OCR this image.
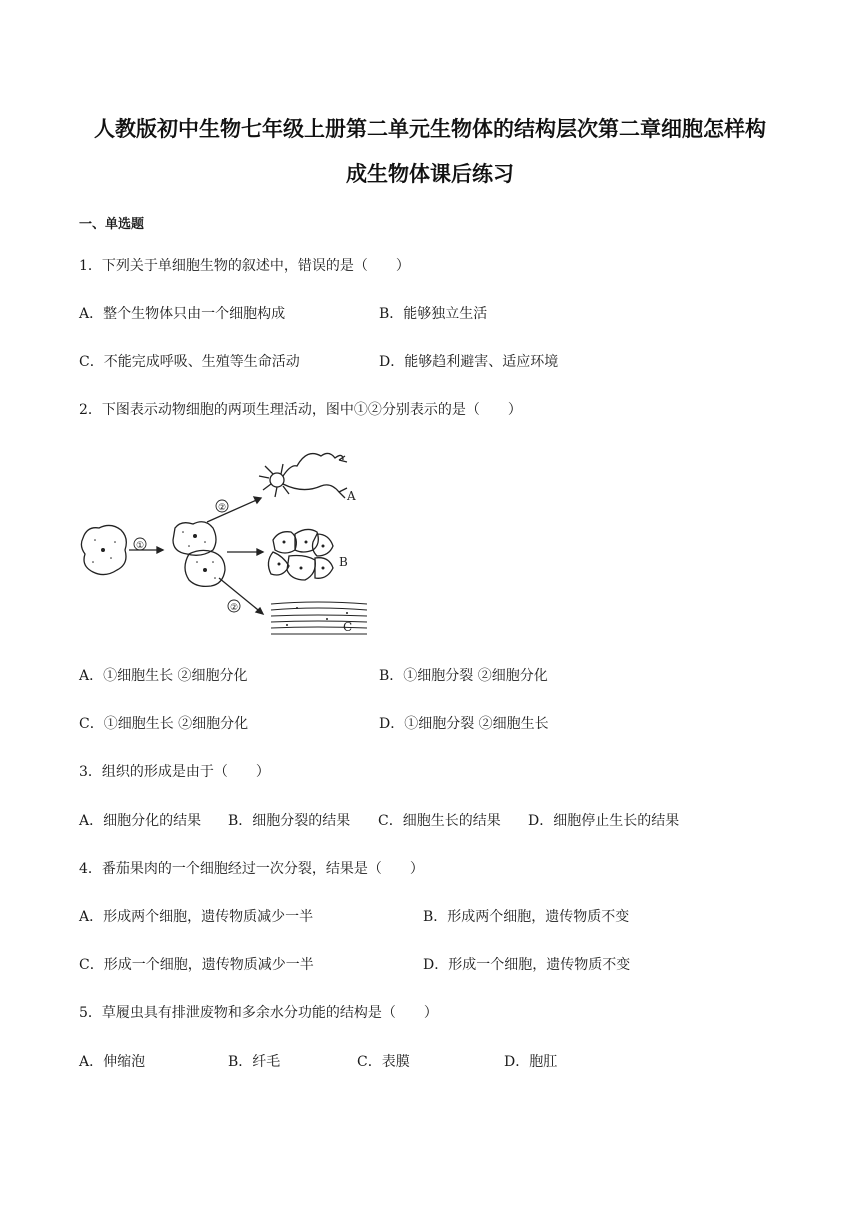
人教版初中生物七年级上册第二单元生物体的结构层次第二章细胞怎样构
成生物体课后练习
一、单选题
1．下列关于单细胞生物的叙述中，错误的是（　　）
A．整个生物体只由一个细胞构成	B．能够独立生活
C．不能完成呼吸、生殖等生命活动	D．能够趋利避害、适应环境
2．下图表示动物细胞的两项生理活动，图中①②分别表示的是（　　）
①
②
②
A
B
C
A．①细胞生长 ②细胞分化	B．①细胞分裂 ②细胞分化
C．①细胞生长 ②细胞分化	D．①细胞分裂 ②细胞生长
3．组织的形成是由于（　　）
A．细胞分化的结果 B．细胞分裂的结果 C．细胞生长的结果 D．细胞停止生长的结果
4．番茄果肉的一个细胞经过一次分裂，结果是（　　）
A．形成两个细胞，遗传物质减少一半	B．形成两个细胞，遗传物质不变
C．形成一个细胞，遗传物质减少一半	D．形成一个细胞，遗传物质不变
5．草履虫具有排泄废物和多余水分功能的结构是（　　）
A．伸缩泡	B．纤毛	C．表膜	D．胞肛
